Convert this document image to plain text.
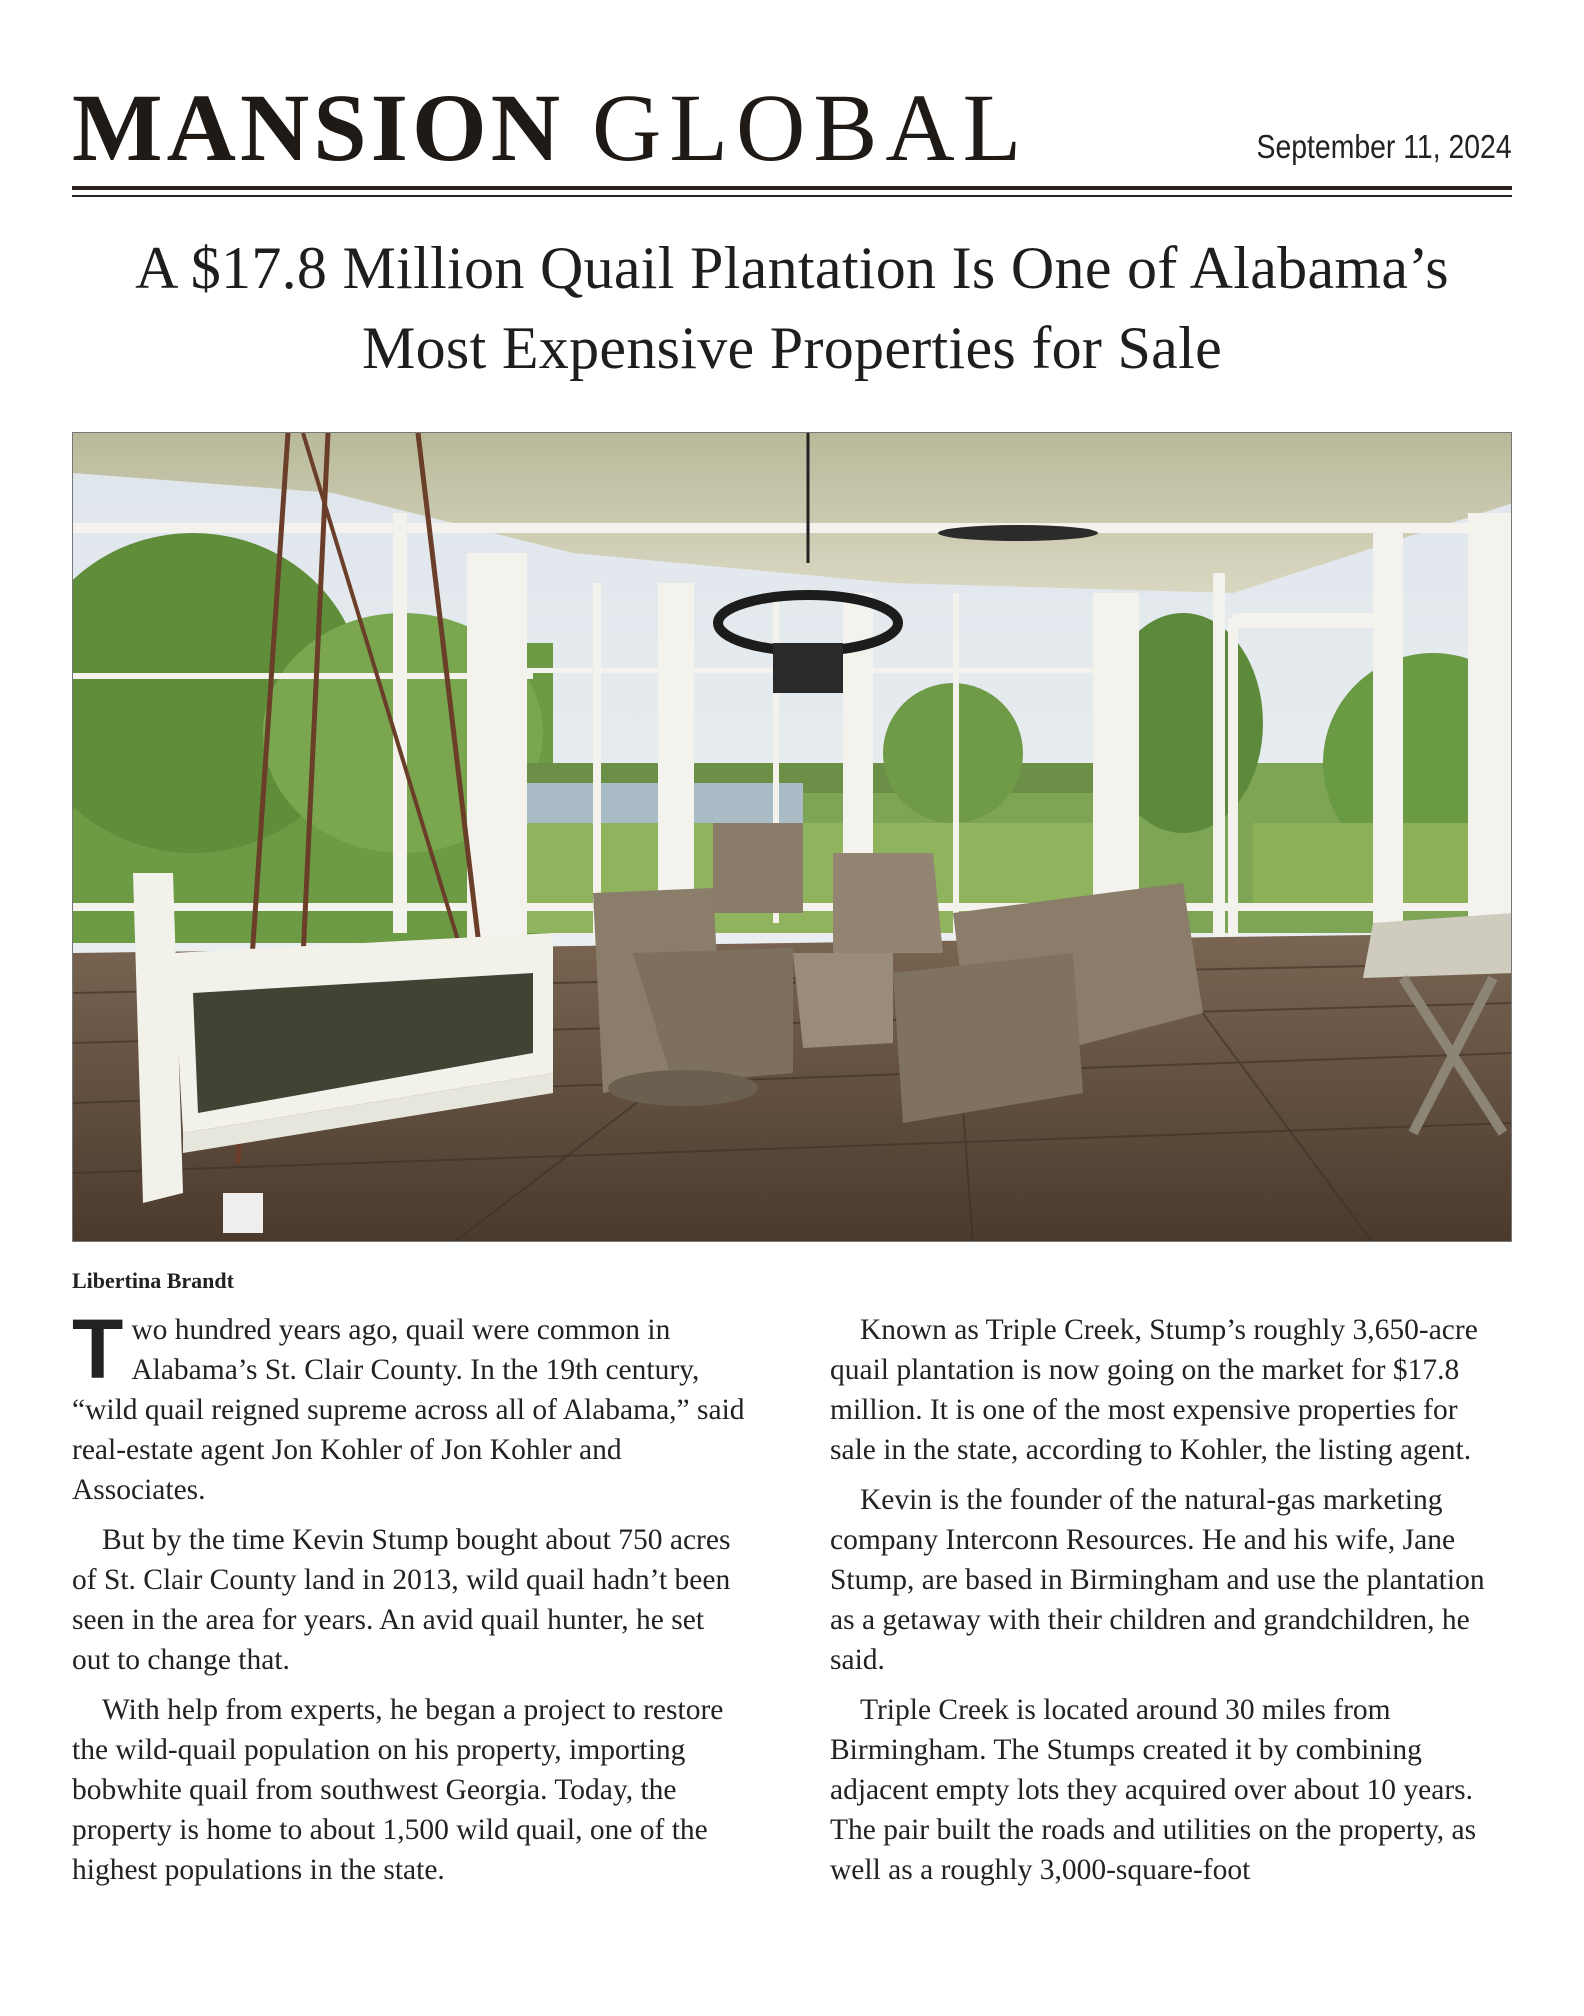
MANSION GLOBAL	September 11, 2024
A $17.8 Million Quail Plantation Is One of Alabama’s Most Expensive Properties for Sale
Libertina Brandt

Two hundred years ago, quail were common in Alabama’s St. Clair County. In the 19th century, “wild quail reigned supreme across all of Alabama,” said real-estate agent Jon Kohler of Jon Kohler and Associates.

But by the time Kevin Stump bought about 750 acres of St. Clair County land in 2013, wild quail hadn’t been seen in the area for years. An avid quail hunter, he set out to change that.

With help from experts, he began a project to restore the wild-quail population on his property, importing bobwhite quail from southwest Georgia. Today, the property is home to about 1,500 wild quail, one of the highest populations in the state.

Known as Triple Creek, Stump’s roughly 3,650-acre quail plantation is now going on the market for $17.8 million. It is one of the most expensive properties for sale in the state, according to Kohler, the listing agent.

Kevin is the founder of the natural-gas marketing company Interconn Resources. He and his wife, Jane Stump, are based in Birmingham and use the plantation as a getaway with their children and grandchildren, he said.

Triple Creek is located around 30 miles from Birmingham. The Stumps created it by combining adjacent empty lots they acquired over about 10 years. The pair built the roads and utilities on the property, as well as a roughly 3,000-square-foot
